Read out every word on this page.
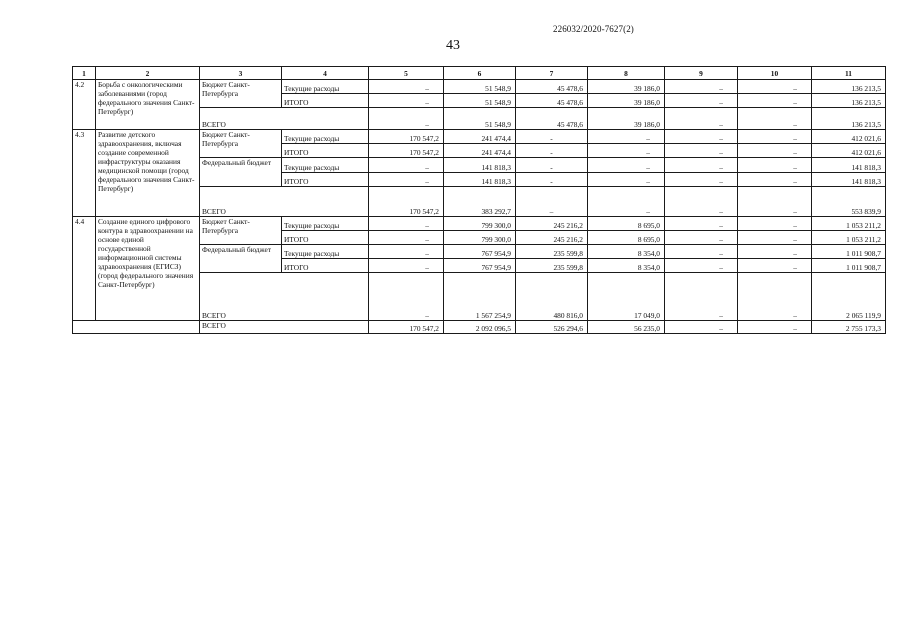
226032/2020-7627(2)
43
1	2	3	4	5	6	7	8	9	10	11
4.2	Борьба с онкологическими заболеваниями (город федерального значения Санкт-Петербург)	Бюджет Санкт-Петербурга	Текущие расходы	–	51 548,9	45 478,6	39 186,0	–	–	136 213,5
			ИТОГО	–	51 548,9	45 478,6	39 186,0	–	–	136 213,5
		ВСЕГО		–	51 548,9	45 478,6	39 186,0	–	–	136 213,5
4.3	Развитие детского здравоохранения, включая создание современной инфраструктуры оказания медицинской помощи (город федерального значения Санкт-Петербург)	Бюджет Санкт-Петербурга	Текущие расходы	170 547,2	241 474,4	-	–	–	–	412 021,6
			ИТОГО	170 547,2	241 474,4	-	–	–	–	412 021,6
		Федеральный бюджет	Текущие расходы	–	141 818,3	-	–	–	–	141 818,3
			ИТОГО	–	141 818,3	-	–	–	–	141 818,3
		ВСЕГО		170 547,2	383 292,7	–	–	–	–	553 839,9
4.4	Создание единого цифрового контура в здравоохранении на основе единой государственной информационной системы здравоохранения (ЕГИСЗ) (город федерального значения Санкт-Петербург)	Бюджет Санкт-Петербурга	Текущие расходы	–	799 300,0	245 216,2	8 695,0	–	–	1 053 211,2
			ИТОГО	–	799 300,0	245 216,2	8 695,0	–	–	1 053 211,2
		Федеральный бюджет	Текущие расходы	–	767 954,9	235 599,8	8 354,0	–	–	1 011 908,7
			ИТОГО	–	767 954,9	235 599,8	8 354,0	–	–	1 011 908,7
		ВСЕГО		–	1 567 254,9	480 816,0	17 049,0	–	–	2 065 119,9
		ВСЕГО		170 547,2	2 092 096,5	526 294,6	56 235,0	–	–	2 755 173,3
